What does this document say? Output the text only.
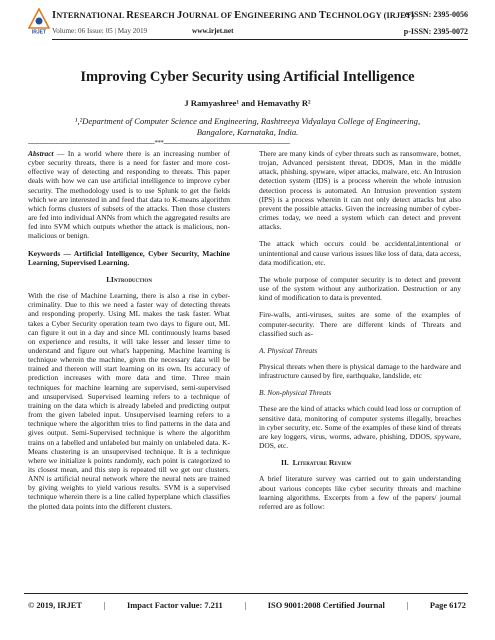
IRJET
INTERNATIONAL RESEARCH JOURNAL OF ENGINEERING AND TECHNOLOGY (IRJET)
e-ISSN: 2395-0056
Volume: 06 Issue: 05 | May 2019	www.irjet.net	p-ISSN: 2395-0072
Improving Cyber Security using Artificial Intelligence
J Ramyashree¹ and Hemavathy R²
¹,²Department of Computer Science and Engineering, Rashtreeya Vidyalaya College of Engineering, Bangalore, Karnataka, India.
---------------------------------------------------------------------***---------------------------------------------------------------------

Abstract — In a world where there is an increasing number of cyber security threats, there is a need for faster and more cost-effective way of detecting and responding to threats. This paper deals with how we can use artificial intelligence to improve cyber security. The methodology used is to use Splunk to get the fields which we are interested in and feed that data to K-means algorithm which forms clusters of subsets of the attacks. Then those clusters are fed into individual ANNs from which the aggregated results are fed into SVM which outputs whether the attack is malicious, non-malicious or benign.

Keywords — Artificial Intelligence, Cyber Security, Machine Learning, Supervised Learning.

I.Introduction

With the rise of Machine Learning, there is also a rise in cyber-criminality. Due to this we need a faster way of detecting threats and responding properly. Using ML makes the task faster. What takes a Cyber Security operation team two days to figure out, ML can figure it out in a day and since ML continuously learns based on experience and results, it will take lesser and lesser time to understand and figure out what's happening. Machine learning is technique wherein the machine, given the necessary data will be trained and thereon will start learning on its own. Its accuracy of prediction increases with more data and time. Three main techniques for machine learning are supervised, semi-supervised and unsupervised. Supervised learning refers to a technique of training on the data which is already labeled and predicting output from the given labeled input. Unsupervised learning refers to a technique where the algorithm tries to find patterns in the data and gives output. Semi-Supervised technique is where the algorithm trains on a labelled and unlabeled but mainly on unlabeled data. K- Means clustering is an unsupervised technique. It is a technique where we initialize k points randomly, each point is categorized to its closest mean, and this step is repeated till we get our clusters. ANN is artificial neural network where the neural nets are trained by giving weights to yield various results. SVM is a supervised technique wherein there is a line called hyperplane which classifies the plotted data points into the different clusters.

There are many kinds of cyber threats such as ransomware, botnet, trojan, Advanced persistent threat, DDOS, Man in the middle attack, phishing, spyware, wiper attacks, malware, etc. An Intrusion detection system (IDS) is a process wherein the whole intrusion detection process is automated. An Intrusion prevention system (IPS) is a process wherein it can not only detect attacks but also prevent the possible attacks. Given the increasing number of cyber-crimes today, we need a system which can detect and prevent attacks.

The attack which occurs could be accidental,intentional or unintentional and cause various issues like loss of data, data access, data modification, etc.

The whole purpose of computer security is to detect and prevent use of the system without any authorization. Destruction or any kind of modification to data is prevented.

Fire-walls, anti-viruses, suites are some of the examples of computer-security. There are different kinds of Threats and classified such as-

A. Physical Threats

Physical threats when there is physical damage to the hardware and infrastructure caused by fire, earthquake, landslide, etc

B. Non-physical Threats

These are the kind of attacks which could lead loss or corruption of sensitive data, monitoring of computer systems illegally, breaches in cyber security, etc. Some of the examples of these kind of threats are key loggers, virus, worms, adware, phishing, DDOS, spyware, DOS, etc.

II. Literature Review

A brief literature survey was carried out to gain understanding about various concepts like cyber security threats and machine learning algorithms. Excerpts from a few of the papers/ journal referred are as follow:

© 2019, IRJET	|	Impact Factor value: 7.211	|	ISO 9001:2008 Certified Journal	|	Page 6172
